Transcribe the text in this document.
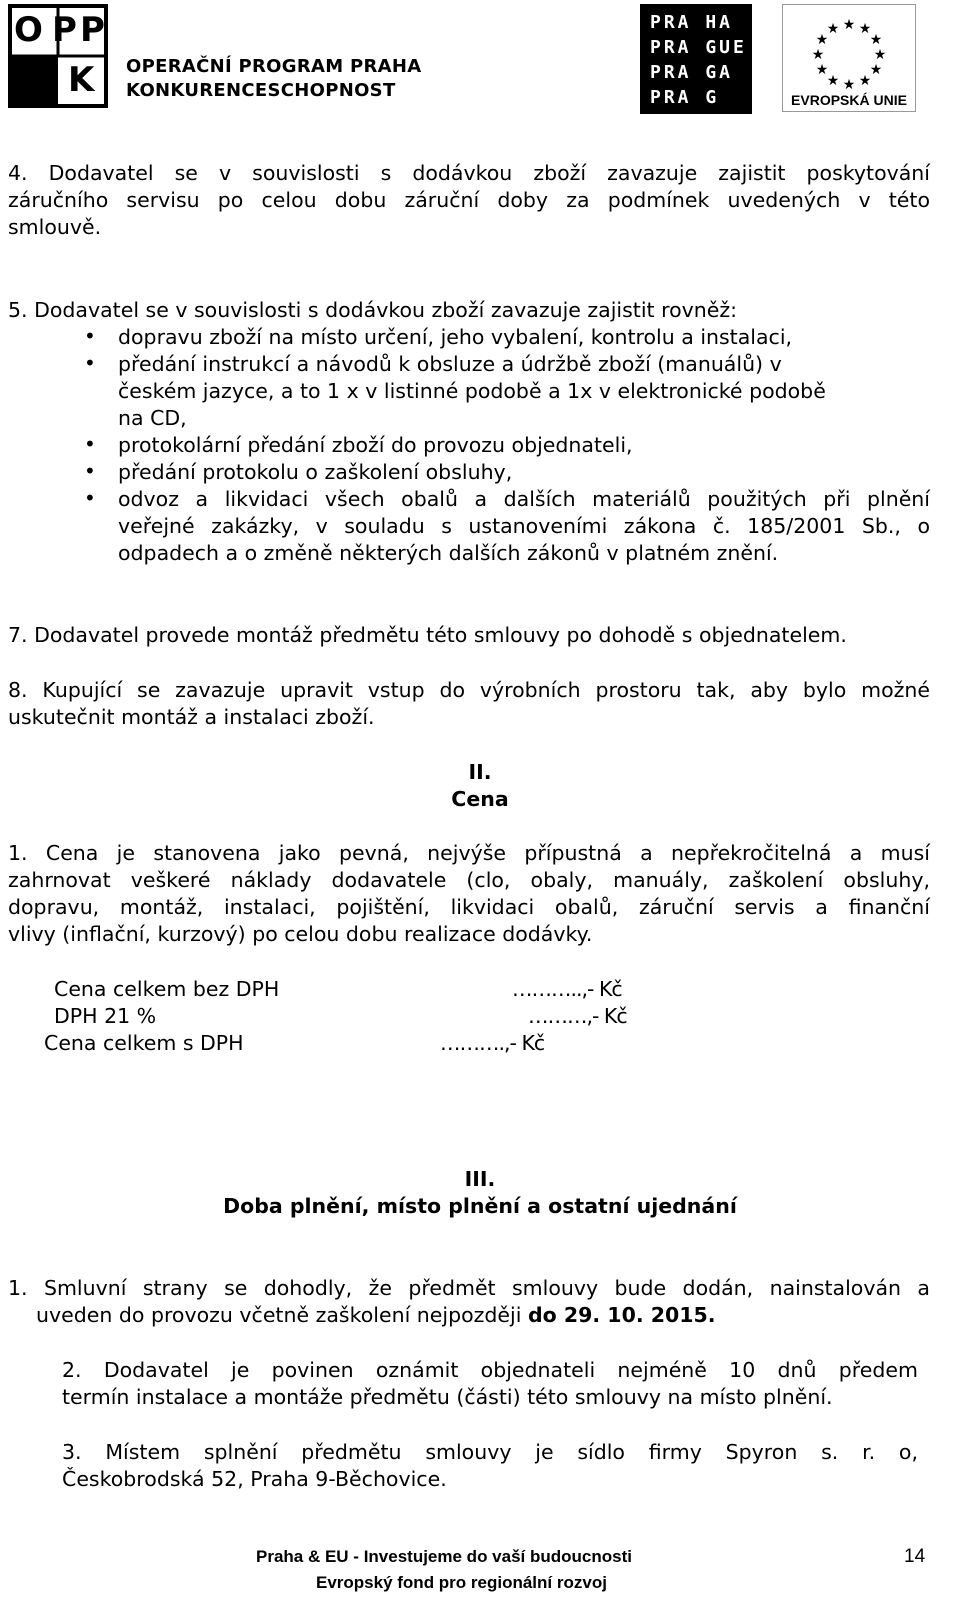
O P P
K OPERAČNÍ PROGRAM PRAHA
KONKURENCESCHOPNOST
PRA HA
PRA GUE
PRA GA
PRA G
★ ★
★
★
★
★
★
★
★
★
★
★
EVROPSKÁ UNIE
4. Dodavatel se v souvislosti s dodávkou zboží zavazuje zajistit poskytování
záručního servisu po celou dobu záruční doby za podmínek uvedených v této
smlouvě.
5. Dodavatel se v souvislosti s dodávkou zboží zavazuje zajistit rovněž:
• dopravu zboží na místo určení, jeho vybalení, kontrolu a instalaci,
• předání instrukcí a návodů k obsluze a údržbě zboží (manuálů) v
českém jazyce, a to 1 x v listinné podobě a 1x v elektronické podobě
na CD,
• protokolární předání zboží do provozu objednateli,
• předání protokolu o zaškolení obsluhy,
• odvoz a likvidaci všech obalů a dalších materiálů použitých při plnění
veřejné zakázky, v souladu s ustanoveními zákona č. 185/2001 Sb., o
odpadech a o změně některých dalších zákonů v platném znění.
7. Dodavatel provede montáž předmětu této smlouvy po dohodě s objednatelem.
8. Kupující se zavazuje upravit vstup do výrobních prostoru tak, aby bylo možné
uskutečnit montáž a instalaci zboží.
II.
Cena
1. Cena je stanovena jako pevná, nejvýše přípustná a nepřekročitelná a musí
zahrnovat veškeré náklady dodavatele (clo, obaly, manuály, zaškolení obsluhy,
dopravu, montáž, instalaci, pojištění, likvidaci obalů, záruční servis a finanční
vlivy (inflační, kurzový) po celou dobu realizace dodávky.
Cena celkem bez DPH	………..,- Kč
DPH 21 %	………,- Kč
Cena celkem s DPH	……….,- Kč
III.
Doba plnění, místo plnění a ostatní ujednání
1. Smluvní strany se dohodly, že předmět smlouvy bude dodán, nainstalován a
uveden do provozu včetně zaškolení nejpozději do 29. 10. 2015.
2. Dodavatel je povinen oznámit objednateli nejméně 10 dnů předem
termín instalace a montáže předmětu (části) této smlouvy na místo plnění.
3. Místem splnění předmětu smlouvy je sídlo firmy Spyron s. r. o,
Českobrodská 52, Praha 9-Běchovice.
Praha & EU - Investujeme do vaší budoucnosti
Evropský fond pro regionální rozvoj
14
